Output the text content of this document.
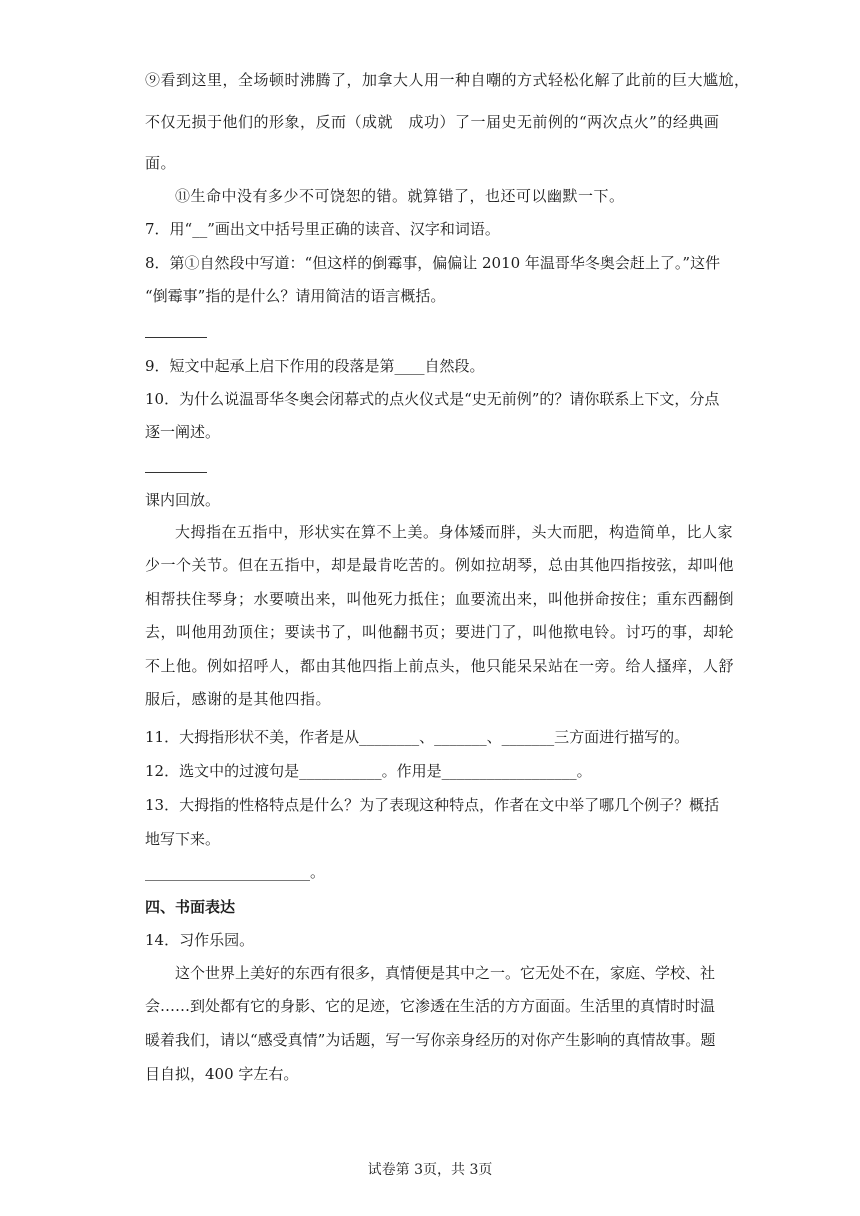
⑨看到这里，全场顿时沸腾了，加拿大人用一种自嘲的方式轻松化解了此前的巨大尴尬，

不仅无损于他们的形象，反而（成就　成功）了一届史无前例的“两次点火”的经典画

面。

⑪生命中没有多少不可饶恕的错。就算错了，也还可以幽默一下。

7．用“__”画出文中括号里正确的读音、汉字和词语。

8．第①自然段中写道：“但这样的倒霉事，偏偏让 2010 年温哥华冬奥会赶上了。”这件

“倒霉事”指的是什么？请用简洁的语言概括。

9．短文中起承上启下作用的段落是第____自然段。

10．为什么说温哥华冬奥会闭幕式的点火仪式是“史无前例”的？请你联系上下文，分点

逐一阐述。

课内回放。

大拇指在五指中，形状实在算不上美。身体矮而胖，头大而肥，构造简单，比人家

少一个关节。但在五指中，却是最肯吃苦的。例如拉胡琴，总由其他四指按弦，却叫他

相帮扶住琴身；水要喷出来，叫他死力抵住；血要流出来，叫他拼命按住；重东西翻倒

去，叫他用劲顶住；要读书了，叫他翻书页；要进门了，叫他揿电铃。讨巧的事，却轮

不上他。例如招呼人，都由其他四指上前点头，他只能呆呆站在一旁。给人搔痒，人舒

服后，感谢的是其他四指。

11．大拇指形状不美，作者是从________、_______、_______三方面进行描写的。

12．选文中的过渡句是___________。作用是__________________。

13．大拇指的性格特点是什么？为了表现这种特点，作者在文中举了哪几个例子？概括

地写下来。

______________________。

四、书面表达

14．习作乐园。

这个世界上美好的东西有很多，真情便是其中之一。它无处不在，家庭、学校、社

会……到处都有它的身影、它的足迹，它渗透在生活的方方面面。生活里的真情时时温

暖着我们，请以“感受真情”为话题，写一写你亲身经历的对你产生影响的真情故事。题

目自拟，400 字左右。

试卷第 3页，共 3页
